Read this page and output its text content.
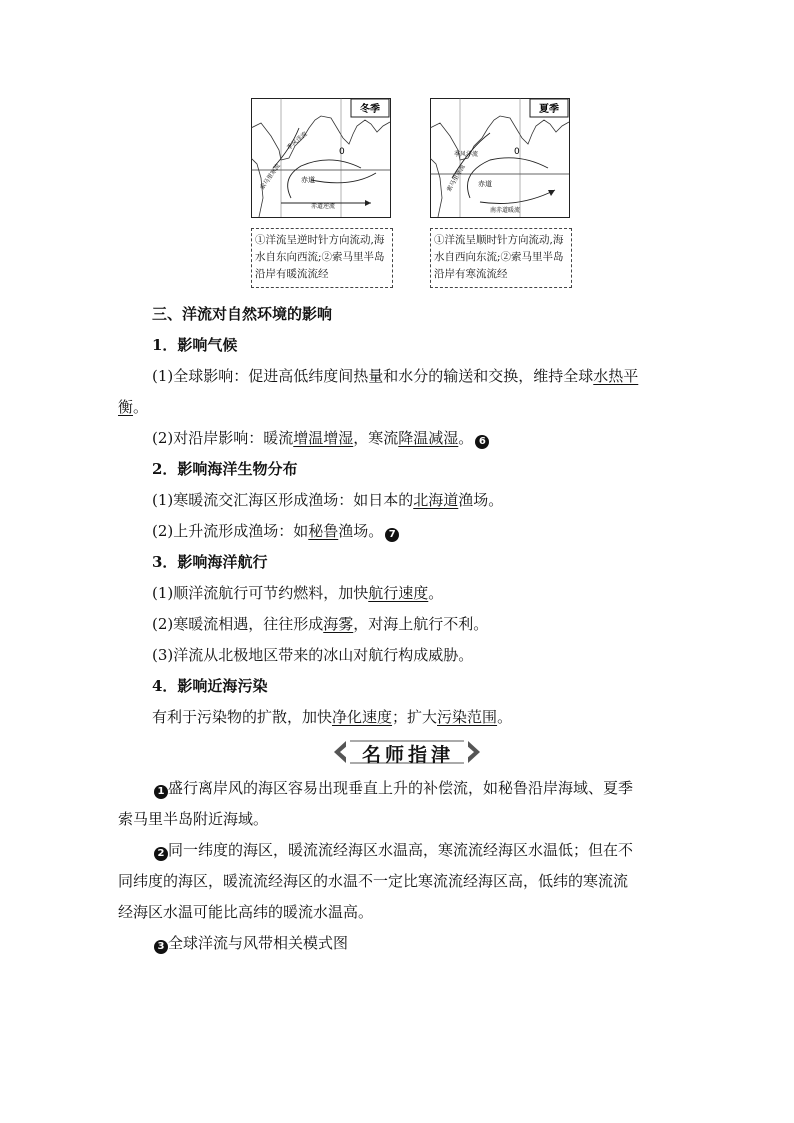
冬季
季风洋流
0
索马里寒流	赤道
赤道逆流
①洋流呈逆时针方向流动,海水自东向西流;②索马里半岛沿岸有暖流流经
夏季
季风洋流	0
索马里寒流 赤道
南赤道暖流
①洋流呈顺时针方向流动,海水自西向东流;②索马里半岛沿岸有寒流流经
三、洋流对自然环境的影响
1．影响气候
(1)全球影响：促进高低纬度间热量和水分的输送和交换，维持全球水热平
衡。
(2)对沿岸影响：暖流增温增湿，寒流降温减湿。 6
2．影响海洋生物分布
(1)寒暖流交汇海区形成渔场：如日本的北海道渔场。
(2)上升流形成渔场：如秘鲁渔场。 7
3．影响海洋航行
(1)顺洋流航行可节约燃料，加快航行速度。
(2)寒暖流相遇，往往形成海雾，对海上航行不利。
(3)洋流从北极地区带来的冰山对航行构成威胁。
4．影响近海污染
有利于污染物的扩散，加快净化速度；扩大污染范围。
名师指津
1 盛行离岸风的海区容易出现垂直上升的补偿流，如秘鲁沿岸海域、夏季
索马里半岛附近海域。
2 同一纬度的海区，暖流流经海区水温高，寒流流经海区水温低；但在不
同纬度的海区，暖流流经海区的水温不一定比寒流流经海区高，低纬的寒流流
经海区水温可能比高纬的暖流水温高。
3 全球洋流与风带相关模式图
